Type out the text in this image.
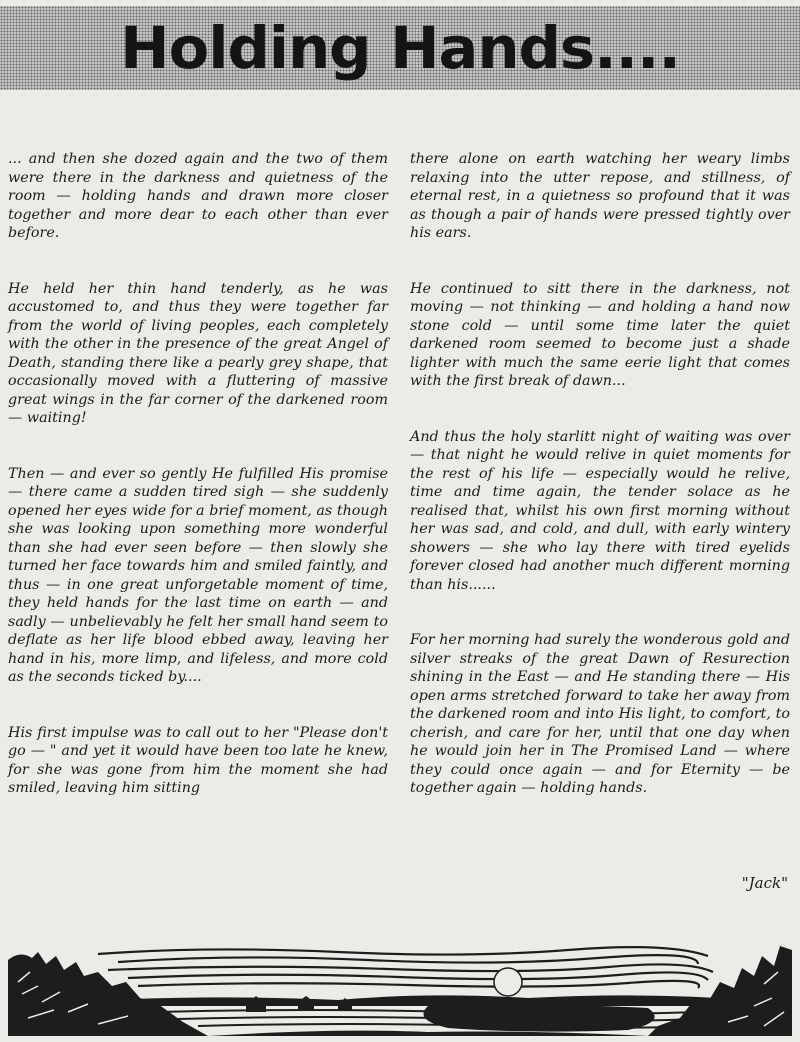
Holding Hands....

... and then she dozed again and the two of them were there in the darkness and quietness of the room — holding hands and drawn more closer together and more dear to each other than ever before.

He held her thin hand tenderly, as he was accustomed to, and thus they were together far from the world of living peoples, each completely with the other in the presence of the great Angel of Death, standing there like a pearly grey shape, that occasionally moved with a fluttering of massive great wings in the far corner of the darkened room — waiting!

Then — and ever so gently He fulfilled His promise — there came a sudden tired sigh — she suddenly opened her eyes wide for a brief moment, as though she was looking upon something more wonderful than she had ever seen before — then slowly she turned her face towards him and smiled faintly, and thus — in one great unforgetable moment of time, they held hands for the last time on earth — and sadly — unbelievably he felt her small hand seem to deflate as her life blood ebbed away, leaving her hand in his, more limp, and lifeless, and more cold as the seconds ticked by....

His first impulse was to call out to her "Please don't go — " and yet it would have been too late he knew, for she was gone from him the moment she had smiled, leaving him sitting

there alone on earth watching her weary limbs relaxing into the utter repose, and stillness, of eternal rest, in a quietness so profound that it was as though a pair of hands were pressed tightly over his ears.

He continued to sitt there in the darkness, not moving — not thinking — and holding a hand now stone cold — until some time later the quiet darkened room seemed to become just a shade lighter with much the same eerie light that comes with the first break of dawn...

And thus the holy starlitt night of waiting was over — that night he would relive in quiet moments for the rest of his life — especially would he relive, time and time again, the tender solace as he realised that, whilst his own first morning without her was sad, and cold, and dull, with early wintery showers — she who lay there with tired eyelids forever closed had another much different morning than his......

For her morning had surely the wonderous gold and silver streaks of the great Dawn of Resurection shining in the East — and He standing there — His open arms stretched forward to take her away from the darkened room and into His light, to comfort, to cherish, and care for her, until that one day when he would join her in The Promised Land — where they could once again — and for Eternity — be together again — holding hands.

"Jack"
